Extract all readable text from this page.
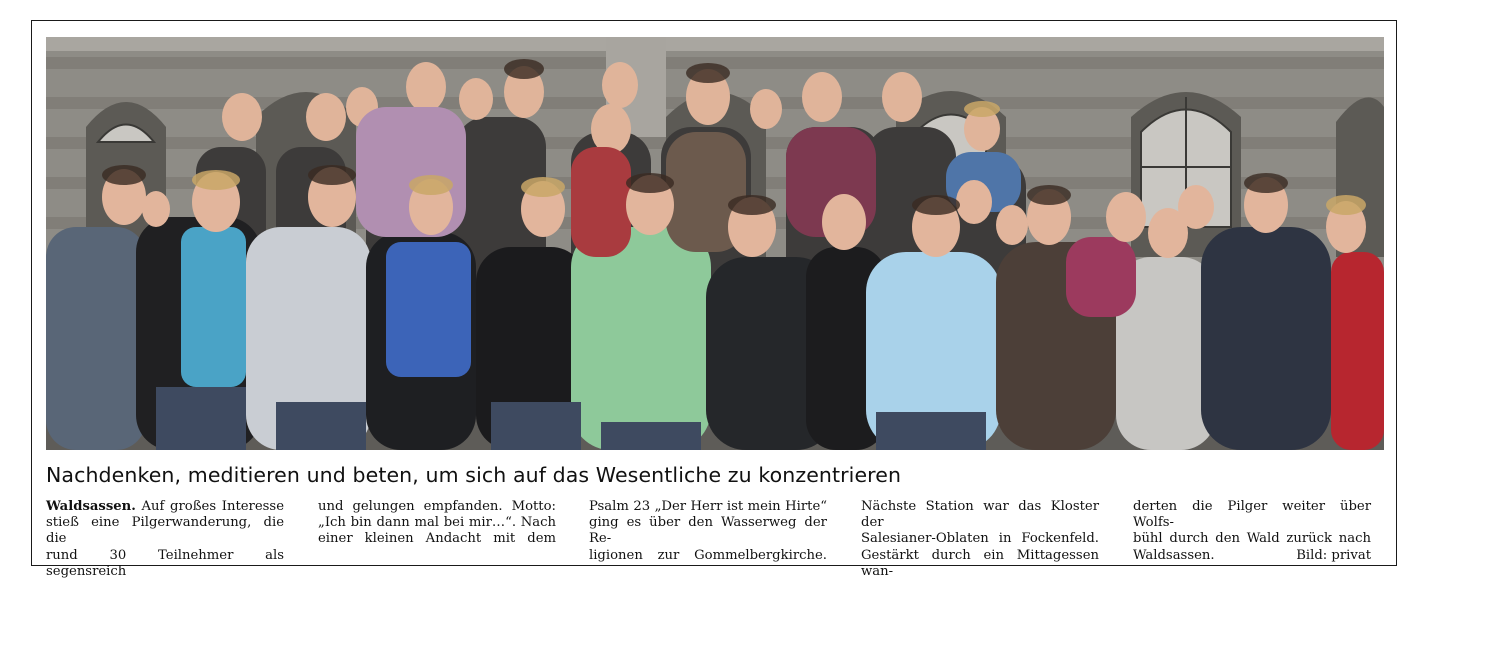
Nachdenken, meditieren und beten, um sich auf das Wesentliche zu konzentrieren
Waldsassen. Auf großes Interesse
stieß eine Pilgerwanderung, die die
rund 30 Teilnehmer als segensreich
und gelungen empfanden. Motto:
„Ich bin dann mal bei mir…“. Nach
einer kleinen Andacht mit dem
Psalm 23 „Der Herr ist mein Hirte“
ging es über den Wasserweg der Re-
ligionen zur Gommelbergkirche.
Nächste Station war das Kloster der
Salesianer-Oblaten in Fockenfeld.
Gestärkt durch ein Mittagessen wan-
derten die Pilger weiter über Wolfs-
bühl durch den Wald zurück nach
Waldsassen.	Bild: privat
